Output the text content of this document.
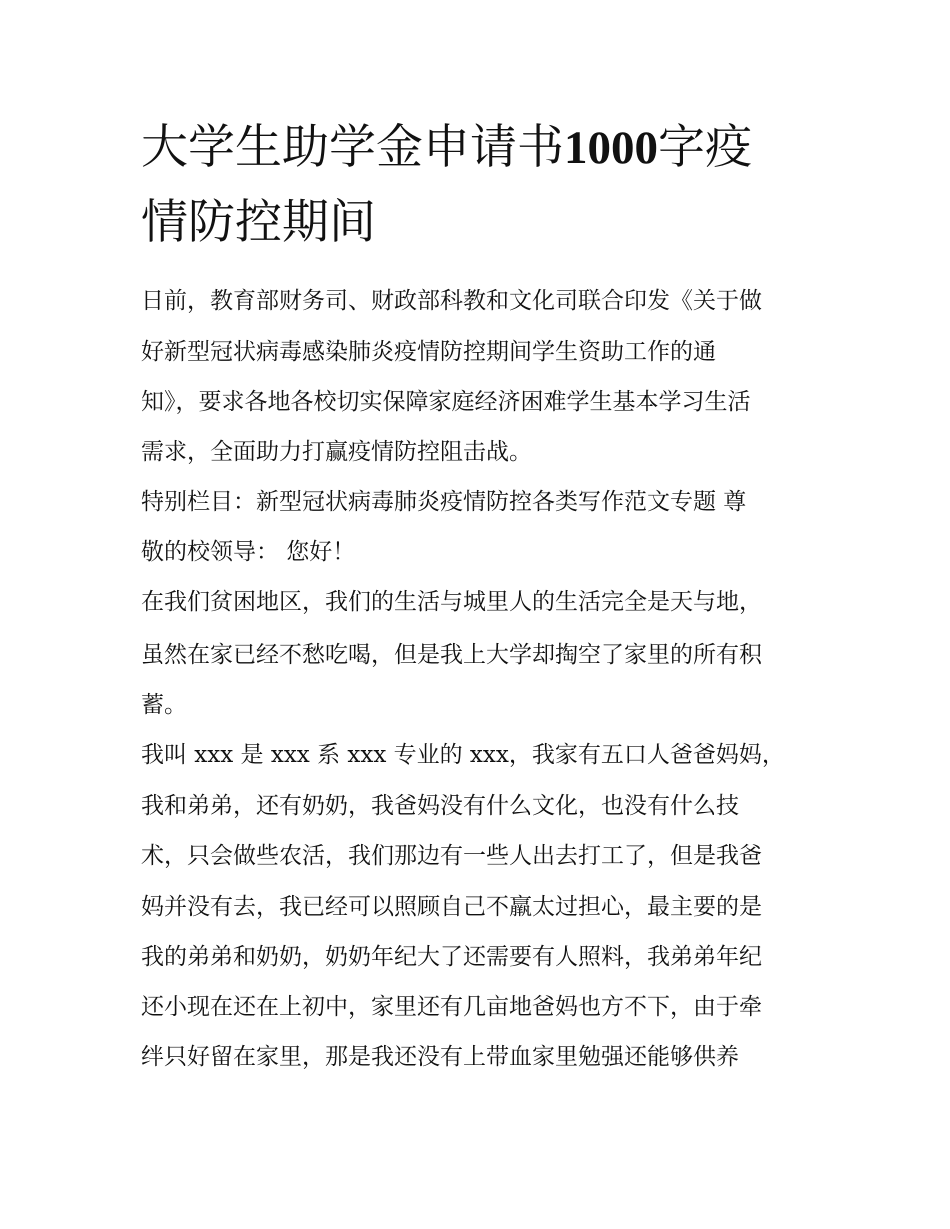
大学生助学金申请书1000字疫
情防控期间
日前，教育部财务司、财政部科教和文化司联合印发《关于做
好新型冠状病毒感染肺炎疫情防控期间学生资助工作的通
知》，要求各地各校切实保障家庭经济困难学生基本学习生活
需求，全面助力打赢疫情防控阻击战。
特别栏目：新型冠状病毒肺炎疫情防控各类写作范文专题 尊
敬的校领导： 您好！
在我们贫困地区，我们的生活与城里人的生活完全是天与地，
虽然在家已经不愁吃喝，但是我上大学却掏空了家里的所有积
蓄。
我叫 xxx 是 xxx 系 xxx 专业的 xxx，我家有五口人爸爸妈妈，
我和弟弟，还有奶奶，我爸妈没有什么文化，也没有什么技
术，只会做些农活，我们那边有一些人出去打工了，但是我爸
妈并没有去，我已经可以照顾自己不羸太过担心，最主要的是
我的弟弟和奶奶，奶奶年纪大了还需要有人照料，我弟弟年纪
还小现在还在上初中，家里还有几亩地爸妈也方不下，由于牵
绊只好留在家里，那是我还没有上带血家里勉强还能够供养
